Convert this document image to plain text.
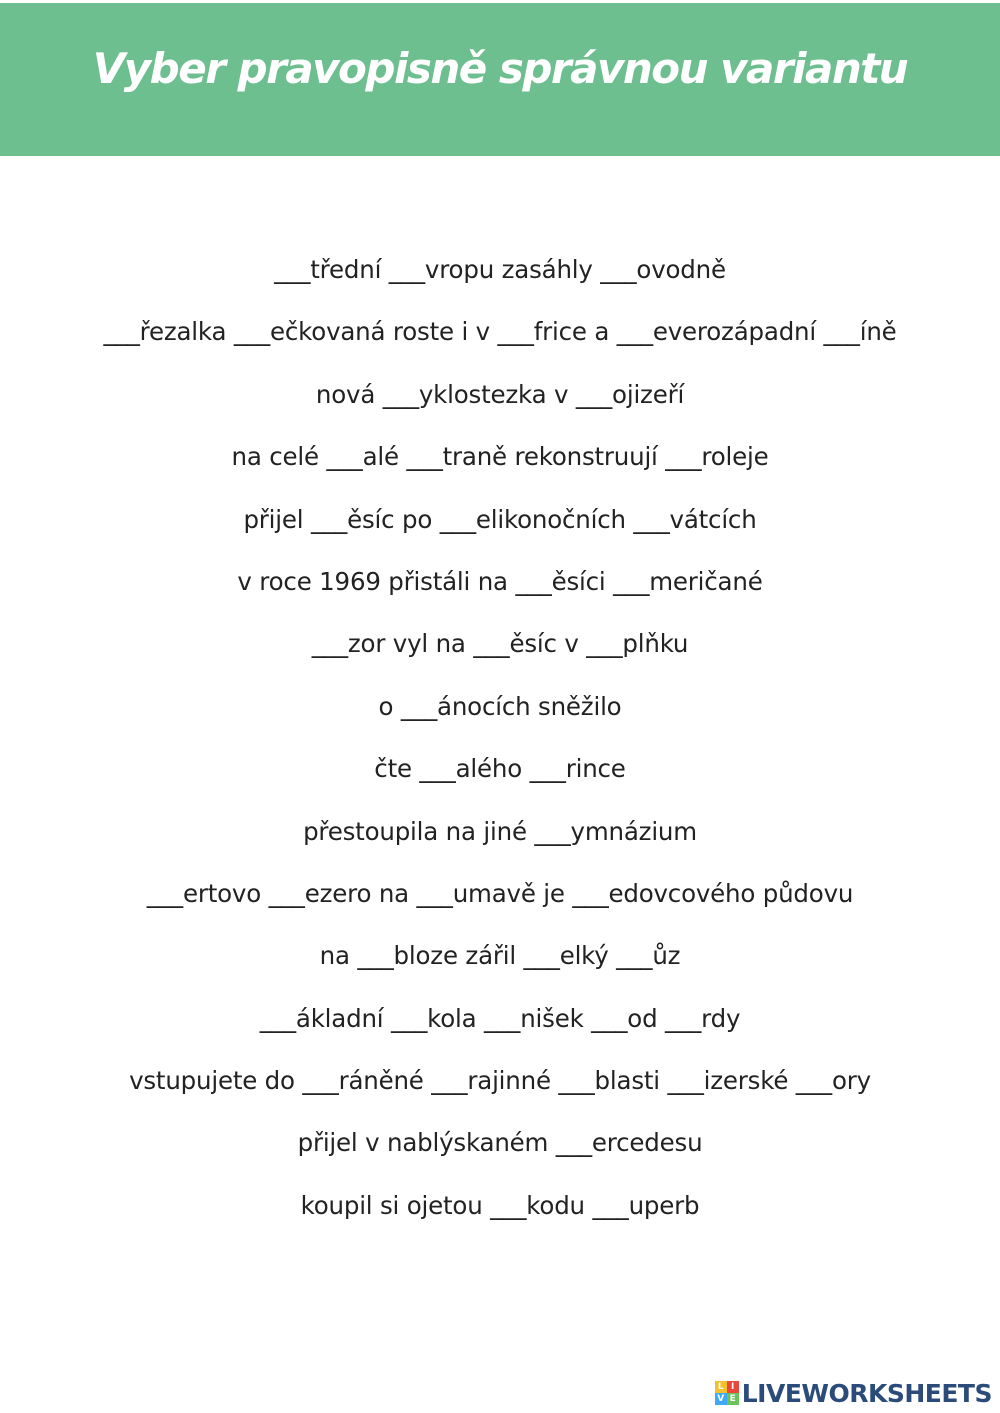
Vyber pravopisně správnou variantu
___třední ___vropu zasáhly ___ovodně
___řezalka ___ečkovaná roste i v ___frice a ___everozápadní ___íně
nová ___yklostezka v ___ojizeří
na celé ___alé ___traně rekonstruují ___roleje
přijel ___ěsíc po ___elikonočních ___vátcích
v roce 1969 přistáli na ___ěsíci ___meričané
___zor vyl na ___ěsíc v ___plňku
o ___ánocích sněžilo
čte ___alého ___rince
přestoupila na jiné ___ymnázium
___ertovo ___ezero na ___umavě je ___edovcového půdovu
na ___bloze zářil ___elký ___ůz
___ákladní ___kola ___nišek ___od ___rdy
vstupujete do ___ráněné ___rajinné ___blasti ___izerské ___ory
přijel v nablýskaném ___ercedesu
koupil si ojetou ___kodu ___uperb
L I
V E LIVEWORKSHEETS
